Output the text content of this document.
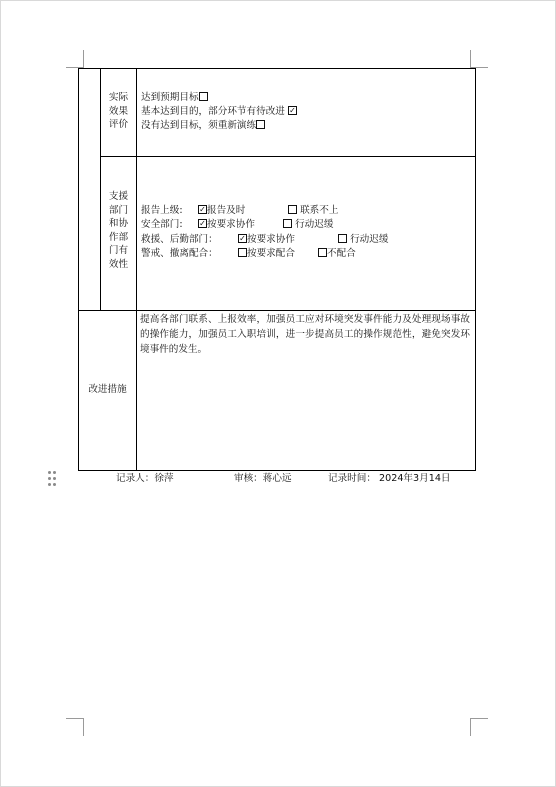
实际
效果
评价
达到预期目标
基本达到目的，部分环节有待改进 ✓
没有达到目标，须重新演练
支援
部门
和协
作部
门有
效性
报告上级: ✓	报告及时	联系不上
安全部门: ✓	按要求协作	行动迟缓
救援、后勤部门： ✓	按要求协作	行动迟缓
警戒、撤离配合：	按要求配合	不配合
改进措施
提高各部门联系、上报效率，加强员工应对环境突发事件能力及处理现场事故的操作能力，加强员工入职培训，进一步提高员工的操作规范性，避免突发环境事件的发生。
记录人：徐萍	审核：蒋心远	记录时间： 2024年3月14日
